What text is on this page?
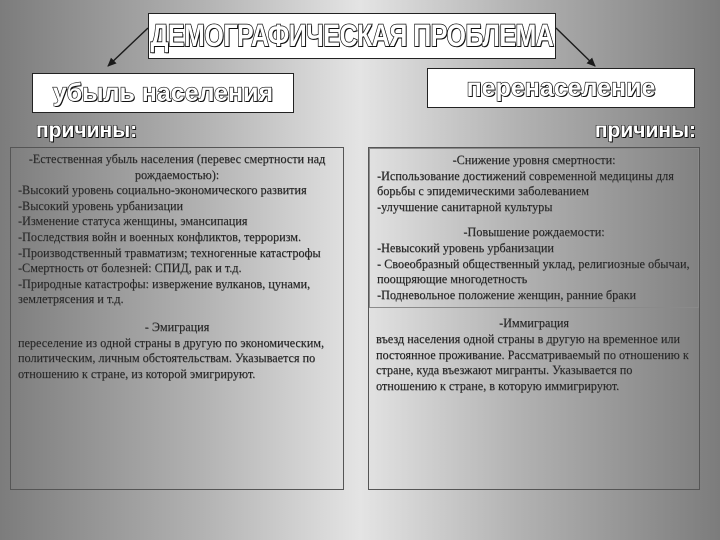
ДЕМОГРАФИЧЕСКАЯ ПРОБЛЕМА
убыль населения	перенаселение
причины:	причины:

-Естественная убыль населения (перевес смертности над рождаемостью):

-Высокий уровень социально-экономического развития

-Высокий уровень урбанизации

-Изменение статуса женщины, эмансипация

-Последствия войн и военных конфликтов, терроризм.

-Производственный травматизм; техногенные катастрофы

-Смертность от болезней: СПИД, рак и т.д.

-Природные катастрофы: извержение вулканов, цунами, землетрясения и т.д.

- Эмиграция

переселение из одной страны в другую по экономическим, политическим, личным обстоятельствам. Указывается по отношению к стране, из которой эмигрируют.

-Снижение уровня смертности:

-Использование достижений современной медицины для борьбы с эпидемическими заболеванием

-улучшение санитарной культуры

-Повышение рождаемости:

-Невысокий уровень урбанизации

- Своеобразный общественный уклад, религиозные обычаи, поощряющие многодетность

-Подневольное положение женщин, ранние браки

-Иммиграция

въезд населения одной страны в другую на временное или постоянное проживание. Рассматриваемый по отношению к стране, куда въезжают мигранты. Указывается по отношению к стране, в которую иммигрируют.
